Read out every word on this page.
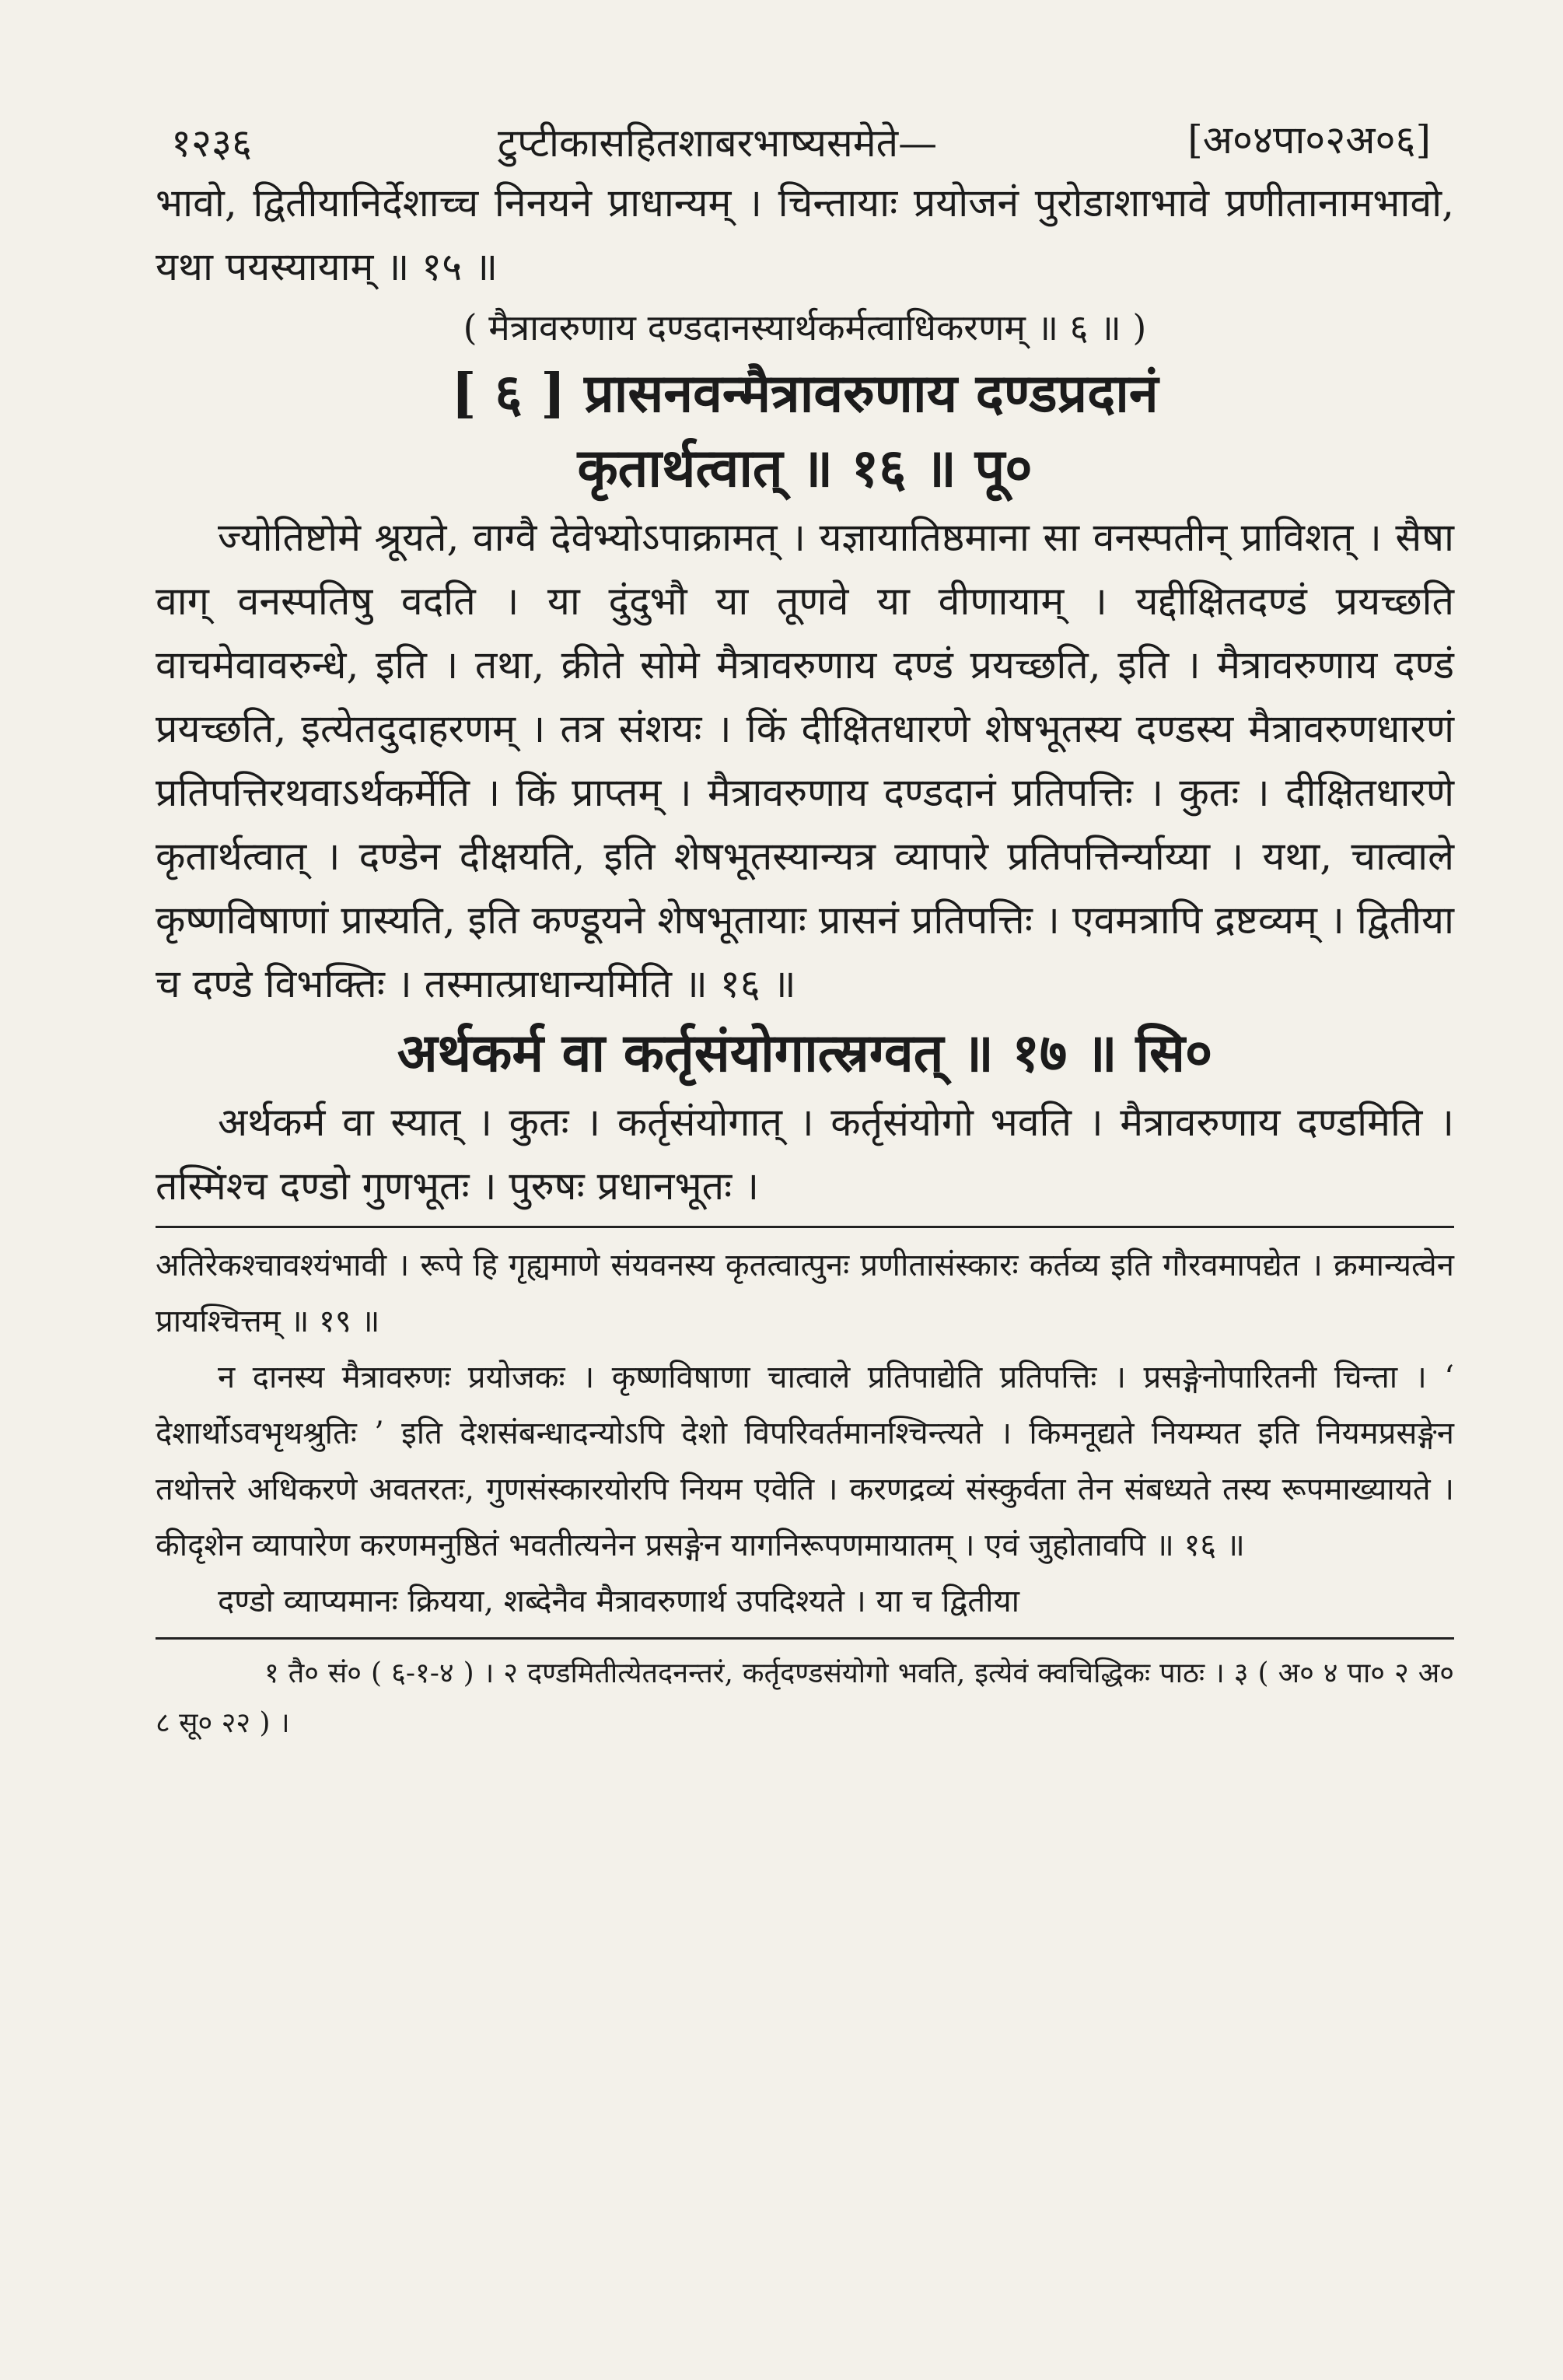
१२३६	टुप्टीकासहितशाबरभाष्यसमेते—	[अ०४पा०२अ०६]

भावो, द्वितीयानिर्देशाच्च निनयने प्राधान्यम् । चिन्तायाः प्रयोजनं पुरोडाशाभावे प्रणीतानामभावो, यथा पयस्यायाम् ॥ १५ ॥

( मैत्रावरुणाय दण्डदानस्यार्थकर्मत्वाधिकरणम् ॥ ६ ॥ )

[ ६ ] प्रासनवन्मैत्रावरुणाय दण्डप्रदानं

कृतार्थत्वात् ॥ १६ ॥ पू०

ज्योतिष्टोमे श्रूयते, वाग्वै देवेभ्योऽपाक्रामत् । यज्ञायातिष्ठमाना सा वनस्पतीन् प्राविशत् । सैषा वाग् वनस्पतिषु वदति । या दुंदुभौ या तूणवे या वीणायाम् । यद्दीक्षितदण्डं प्रयच्छति वाचमेवावरुन्धे, इति । तथा, क्रीते सोमे मैत्रावरुणाय दण्डं प्रयच्छति, इति । मैत्रावरुणाय दण्डं प्रयच्छति, इत्येतदुदाहरणम् । तत्र संशयः । किं दीक्षितधारणे शेषभूतस्य दण्डस्य मैत्रावरुणधारणं प्रतिपत्तिरथवाऽर्थकर्मेति । किं प्राप्तम् । मैत्रावरुणाय दण्डदानं प्रतिपत्तिः । कुतः । दीक्षितधारणे कृतार्थत्वात् । दण्डेन दीक्षयति, इति शेषभूतस्यान्यत्र व्यापारे प्रतिपत्तिर्न्याय्या । यथा, चात्वाले कृष्णविषाणां प्रास्यति, इति कण्डूयने शेषभूतायाः प्रासनं प्रतिपत्तिः । एवमत्रापि द्रष्टव्यम् । द्वितीया च दण्डे विभक्तिः । तस्मात्प्राधान्यमिति ॥ १६ ॥

अर्थकर्म वा कर्तृसंयोगात्स्रग्वत् ॥ १७ ॥ सि०

अर्थकर्म वा स्यात् । कुतः । कर्तृसंयोगात् । कर्तृसंयोगो भवति । मैत्रावरुणाय दण्डमिति । तस्मिंश्च दण्डो गुणभूतः । पुरुषः प्रधानभूतः ।

अतिरेकश्चावश्यंभावी । रूपे हि गृह्यमाणे संयवनस्य कृतत्वात्पुनः प्रणीतासंस्कारः कर्तव्य इति गौरवमापद्येत । क्रमान्यत्वेन प्रायश्चित्तम् ॥ १९ ॥

न दानस्य मैत्रावरुणः प्रयोजकः । कृष्णविषाणा चात्वाले प्रतिपाद्येति प्रतिपत्तिः । प्रसङ्गेनोपारितनी चिन्ता । ‘ देशार्थोऽवभृथश्रुतिः ’ इति देशसंबन्धादन्योऽपि देशो विपरिवर्तमानश्चिन्त्यते । किमनूद्यते नियम्यत इति नियमप्रसङ्गेन तथोत्तरे अधिकरणे अवतरतः, गुणसंस्कारयोरपि नियम एवेति । करणद्रव्यं संस्कुर्वता तेन संबध्यते तस्य रूपमाख्यायते । कीदृशेन व्यापारेण करणमनुष्ठितं भवतीत्यनेन प्रसङ्गेन यागनिरूपणमायातम् । एवं जुहोतावपि ॥ १६ ॥

दण्डो व्याप्यमानः क्रियया, शब्देनैव मैत्रावरुणार्थ उपदिश्यते । या च द्वितीया

१ तै० सं० ( ६-१-४ ) । २ दण्डमितीत्येतदनन्तरं, कर्तृदण्डसंयोगो भवति, इत्येवं क्वचिद्धिकः पाठः । ३ ( अ० ४ पा० २ अ० ८ सू० २२ ) ।
